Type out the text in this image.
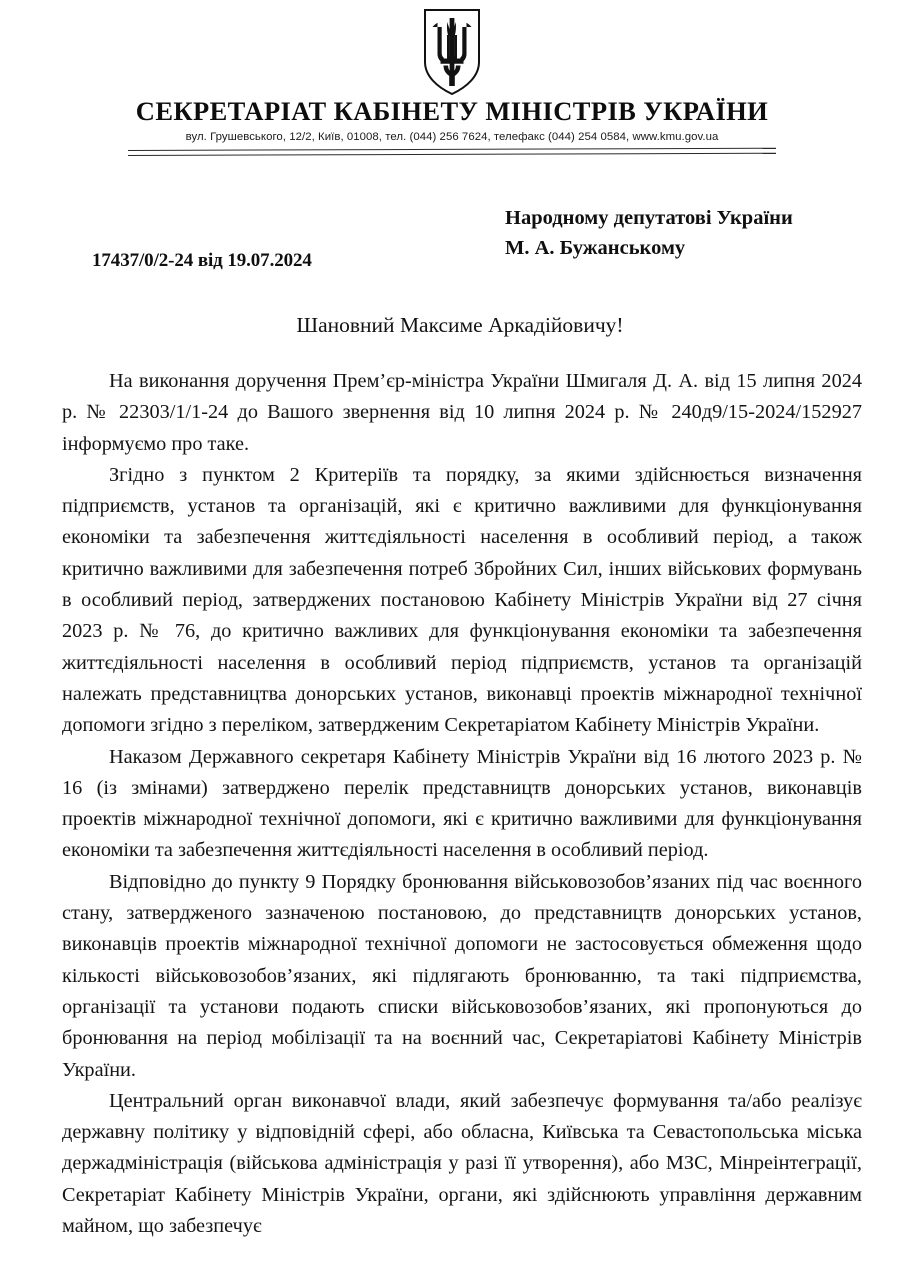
СЕКРЕТАРІАТ КАБІНЕТУ МІНІСТРІВ УКРАЇНИ
вул. Грушевського, 12/2, Київ, 01008, тел. (044) 256 7624, телефакс (044) 254 0584, www.kmu.gov.ua
Народному депутатові України
М. А. Бужанському
17437/0/2-24 від 19.07.2024
Шановний Максиме Аркадійовичу!

На виконання доручення Прем’єр-міністра України Шмигаля Д. А. від 15 липня 2024 р. № 22303/1/1-24 до Вашого звернення від 10 липня 2024 р. № 240д9/15-2024/152927 інформуємо про таке.

Згідно з пунктом 2 Критеріїв та порядку, за якими здійснюється визначення підприємств, установ та організацій, які є критично важливими для функціонування економіки та забезпечення життєдіяльності населення в особливий період, а також критично важливими для забезпечення потреб Збройних Сил, інших військових формувань в особливий період, затверджених постановою Кабінету Міністрів України від 27 січня 2023 р. № 76, до критично важливих для функціонування економіки та забезпечення життєдіяльності населення в особливий період підприємств, установ та організацій належать представництва донорських установ, виконавці проектів міжнародної технічної допомоги згідно з переліком, затвердженим Секретаріатом Кабінету Міністрів України.

Наказом Державного секретаря Кабінету Міністрів України від 16 лютого 2023 р. № 16 (із змінами) затверджено перелік представництв донорських установ, виконавців проектів міжнародної технічної допомоги, які є критично важливими для функціонування економіки та забезпечення життєдіяльності населення в особливий період.

Відповідно до пункту 9 Порядку бронювання військовозобов’язаних під час воєнного стану, затвердженого зазначеною постановою, до представництв донорських установ, виконавців проектів міжнародної технічної допомоги не застосовується обмеження щодо кількості військовозобов’язаних, які підлягають бронюванню, та такі підприємства, організації та установи подають списки військовозобов’язаних, які пропонуються до бронювання на період мобілізації та на воєнний час, Секретаріатові Кабінету Міністрів України.

Центральний орган виконавчої влади, який забезпечує формування та/або реалізує державну політику у відповідній сфері, або обласна, Київська та Севастопольська міська держадміністрація (військова адміністрація у разі її утворення), або МЗС, Мінреінтеграції, Секретаріат Кабінету Міністрів України, органи, які здійснюють управління державним майном, що забезпечує
